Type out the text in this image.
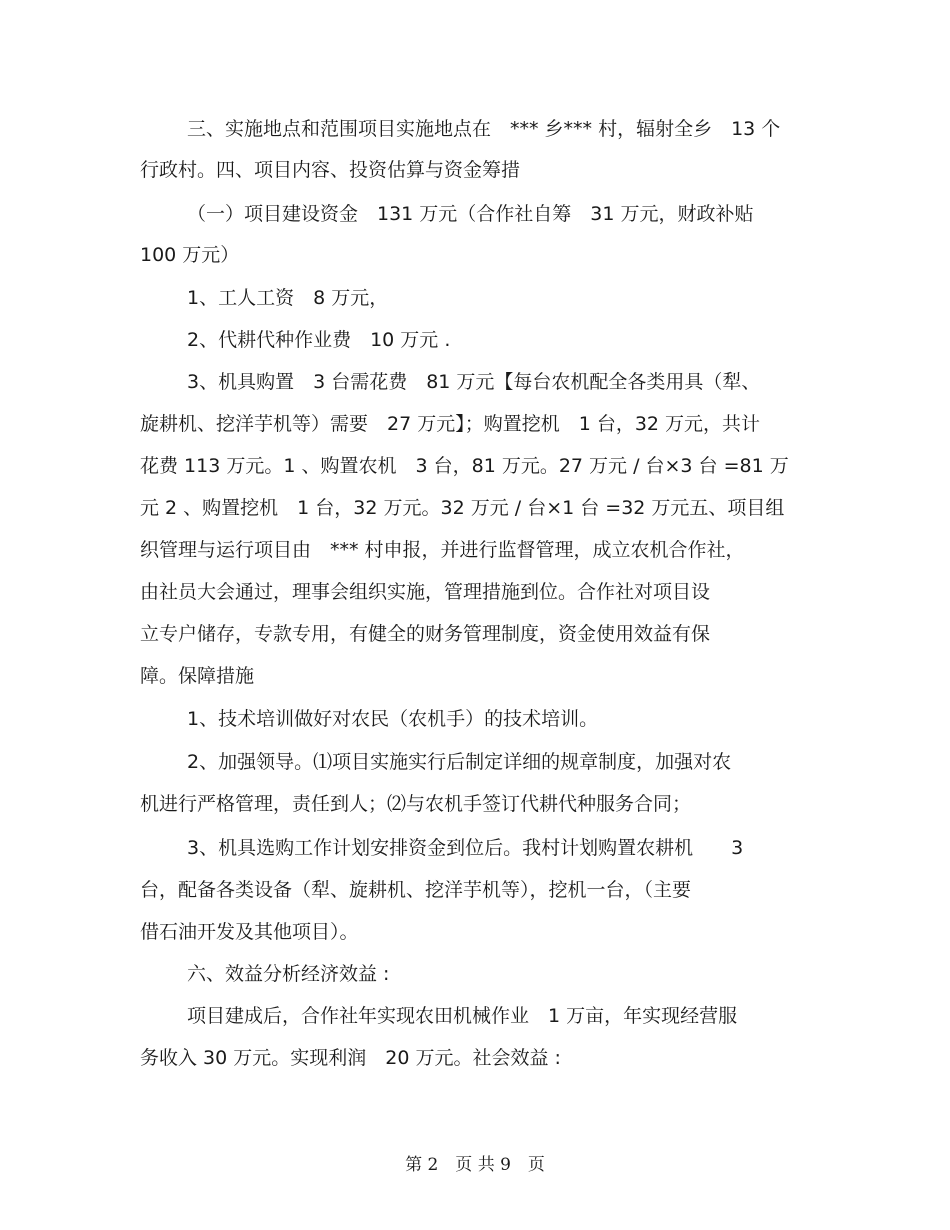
三、实施地点和范围项目实施地点在　*** 乡*** 村，辐射全乡　13 个
行政村。四、项目内容、投资估算与资金筹措
（一）项目建设资金　131 万元（合作社自筹　31 万元，财政补贴
100 万元）
1、工人工资　8 万元，
2、代耕代种作业费　10 万元 .
3、机具购置　3 台需花费　81 万元【每台农机配全各类用具（犁、
旋耕机、挖洋芋机等）需要　27 万元】；购置挖机　1 台，32 万元，共计
花费 113 万元。1 、购置农机　3 台，81 万元。27 万元 / 台×3 台 =81 万
元 2 、购置挖机　1 台，32 万元。32 万元 / 台×1 台 =32 万元五、项目组
织管理与运行项目由　*** 村申报，并进行监督管理，成立农机合作社，
由社员大会通过，理事会组织实施，管理措施到位。合作社对项目设
立专户储存，专款专用，有健全的财务管理制度，资金使用效益有保
障。保障措施
1、技术培训做好对农民（农机手）的技术培训。
2、加强领导。⑴项目实施实行后制定详细的规章制度，加强对农
机进行严格管理，责任到人；⑵与农机手签订代耕代种服务合同；
3、机具选购工作计划安排资金到位后。我村计划购置农耕机　　3
台，配备各类设备（犁、旋耕机、挖洋芋机等），挖机一台，（主要
借石油开发及其他项目）。
六、效益分析经济效益 :
项目建成后，合作社年实现农田机械作业　1 万亩，年实现经营服
务收入 30 万元。实现利润　20 万元。社会效益 :
第 2　页 共 9　页
